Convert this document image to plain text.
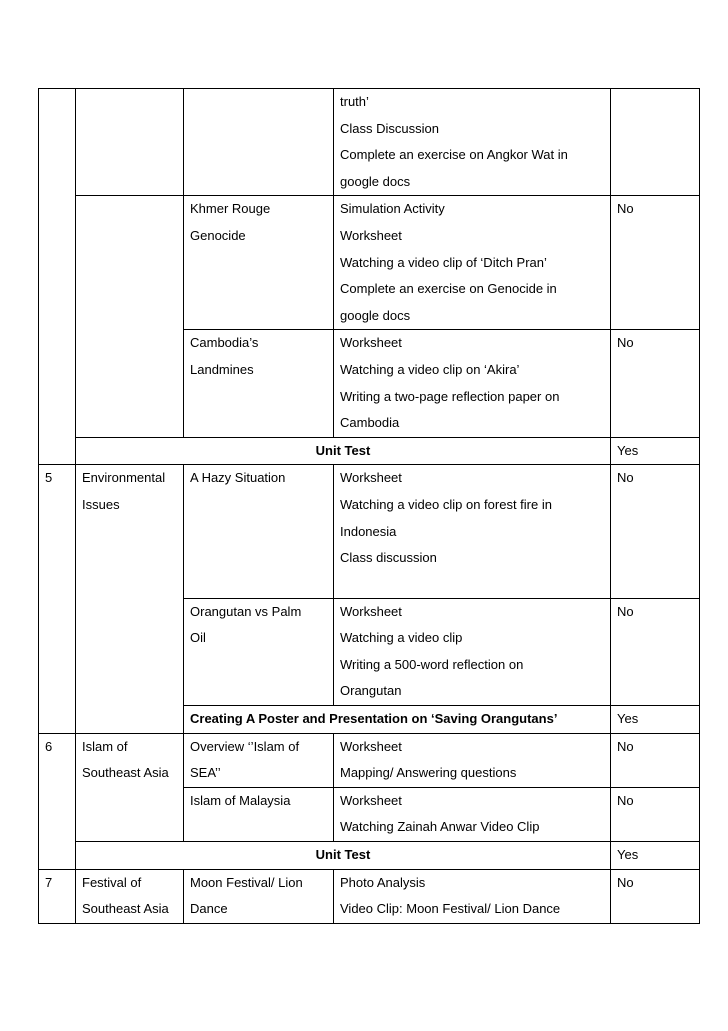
			truth’
Class Discussion
Complete an exercise on Angkor Wat in
google docs	

		Khmer Rouge
Genocide	Simulation Activity
Worksheet
Watching a video clip of ‘Ditch Pran’
Complete an exercise on Genocide in
google docs	No

		Cambodia’s
Landmines	Worksheet
Watching a video clip on ‘Akira’
Writing a two-page reflection paper on
Cambodia	No
	Unit Test			Yes
5	Environmental
Issues	A Hazy Situation	Worksheet
Watching a video clip on forest fire in
Indonesia
Class discussion	No

		Orangutan vs Palm
Oil	Worksheet
Watching a video clip
Writing a 500-word reflection on
Orangutan	No
		Creating A Poster and Presentation on ‘Saving Orangutans’		Yes
6	Islam of
Southeast Asia	Overview ‘’Islam of
SEA’’	Worksheet
Mapping/ Answering questions	No

		Islam of Malaysia	Worksheet
Watching Zainah Anwar Video Clip	No
	Unit Test			Yes
7	Festival of
Southeast Asia	Moon Festival/ Lion
Dance	Photo Analysis
Video Clip: Moon Festival/ Lion Dance	No
